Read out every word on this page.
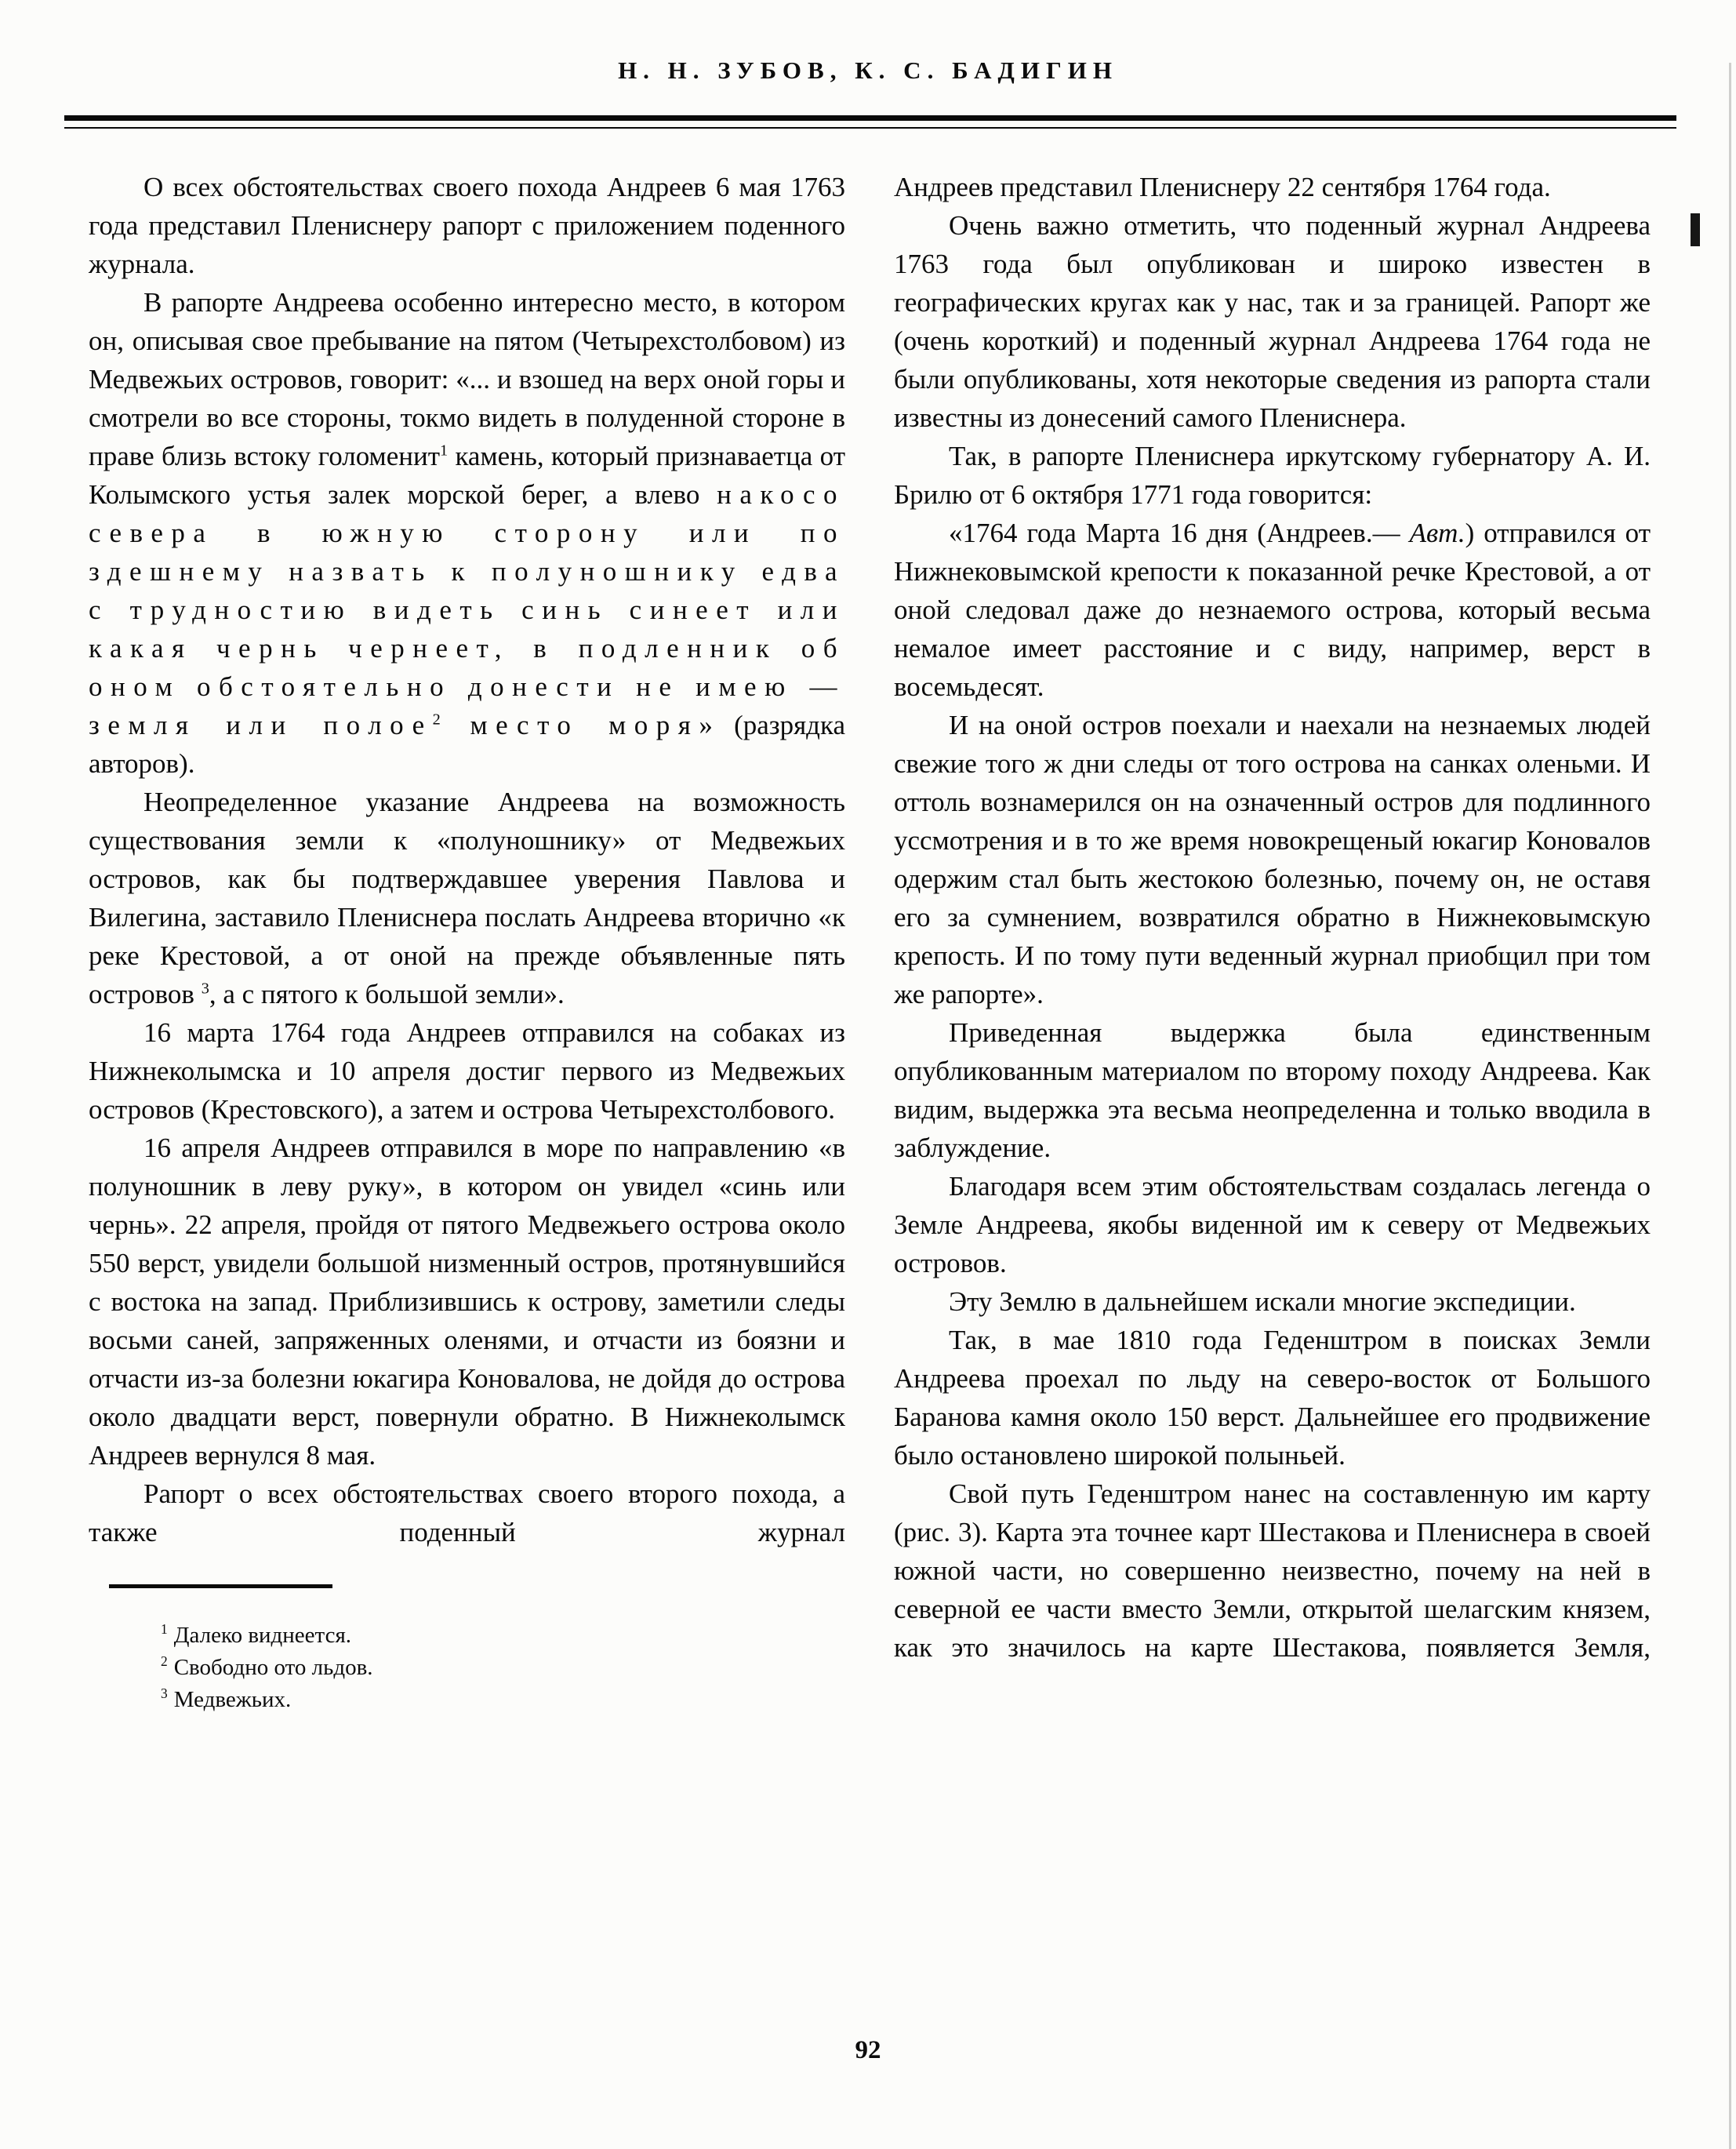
Н. Н. ЗУБОВ, К. С. БАДИГИН

О всех обстоятельствах своего похода Андреев 6 мая 1763 года представил Плениснеру рапорт с приложением поденного журнала.

В рапорте Андреева особенно интересно место, в котором он, описывая свое пребывание на пятом (Четырехстолбовом) из Медвежьих островов, говорит: «... и взошед на верх оной горы и смотрели во все стороны, токмо видеть в полуденной стороне в праве близь встоку голоменит$^1$ камень, который признаваетца от Колымского устья залек морской берег, а влево накосо севера в южную сторону или по здешнему назвать к полуношнику едва с трудностию видеть синь синеет или какая чернь чернеет, в подленник об оном обстоятельно донести не имею — земля или полое$^2$ место моря» (разрядка авторов).

Неопределенное указание Андреева на возможность существования земли к «полуношнику» от Медвежьих островов, как бы подтверждавшее уверения Павлова и Вилегина, заставило Плениснера послать Андреева вторично «к реке Крестовой, а от оной на прежде объявленные пять островов $^3$, а с пятого к большой земли».

16 марта 1764 года Андреев отправился на собаках из Нижнеколымска и 10 апреля достиг первого из Медвежьих островов (Крестовского), а затем и острова Четырехстолбового.

16 апреля Андреев отправился в море по направлению «в полуношник в леву руку», в котором он увидел «синь или чернь». 22 апреля, пройдя от пятого Медвежьего острова около 550 верст, увидели большой низменный остров, протянувшийся с востока на запад. Приблизившись к острову, заметили следы восьми саней, запряженных оленями, и отчасти из боязни и отчасти из-за болезни юкагира Коновалова, не дойдя до острова около двадцати верст, повернули обратно. В Нижнеколымск Андреев вернулся 8 мая.

Рапорт о всех обстоятельствах своего второго похода, а также поденный журнал

$^1$ Далеко виднеется.
$^2$ Свободно ото льдов.
$^3$ Медвежьих.

Андреев представил Плениснеру 22 сентября 1764 года.

Очень важно отметить, что поденный журнал Андреева 1763 года был опубликован и широко известен в географических кругах как у нас, так и за границей. Рапорт же (очень короткий) и поденный журнал Андреева 1764 года не были опубликованы, хотя некоторые сведения из рапорта стали известны из донесений самого Плениснера.

Так, в рапорте Плениснера иркутскому губернатору А. И. Брилю от 6 октября 1771 года говорится:

«1764 года Марта 16 дня (Андреев.— Авт.) отправился от Нижнековымской крепости к показанной речке Крестовой, а от оной следовал даже до незнаемого острова, который весьма немалое имеет расстояние и с виду, например, верст в восемьдесят.

И на оной остров поехали и наехали на незнаемых людей свежие того ж дни следы от того острова на санках оленьми. И оттоль вознамерился он на означенный остров для подлинного уссмотрения и в то же время новокрещеный юкагир Коновалов одержим стал быть жестокою болезнью, почему он, не оставя его за сумнением, возвратился обратно в Нижнековымскую крепость. И по тому пути веденный журнал приобщил при том же рапорте».

Приведенная выдержка была единственным опубликованным материалом по второму походу Андреева. Как видим, выдержка эта весьма неопределенна и только вводила в заблуждение.

Благодаря всем этим обстоятельствам создалась легенда о Земле Андреева, якобы виденной им к северу от Медвежьих островов.

Эту Землю в дальнейшем искали многие экспедиции.

Так, в мае 1810 года Геденштром в поисках Земли Андреева проехал по льду на северо-восток от Большого Баранова камня около 150 верст. Дальнейшее его продвижение было остановлено широкой полыньей.

Свой путь Геденштром нанес на составленную им карту (рис. 3). Карта эта точнее карт Шестакова и Плениснера в своей южной части, но совершенно неизвестно, почему на ней в северной ее части вместо Земли, открытой шелагским князем, как это значилось на карте Шестакова, появляется Земля,

92
